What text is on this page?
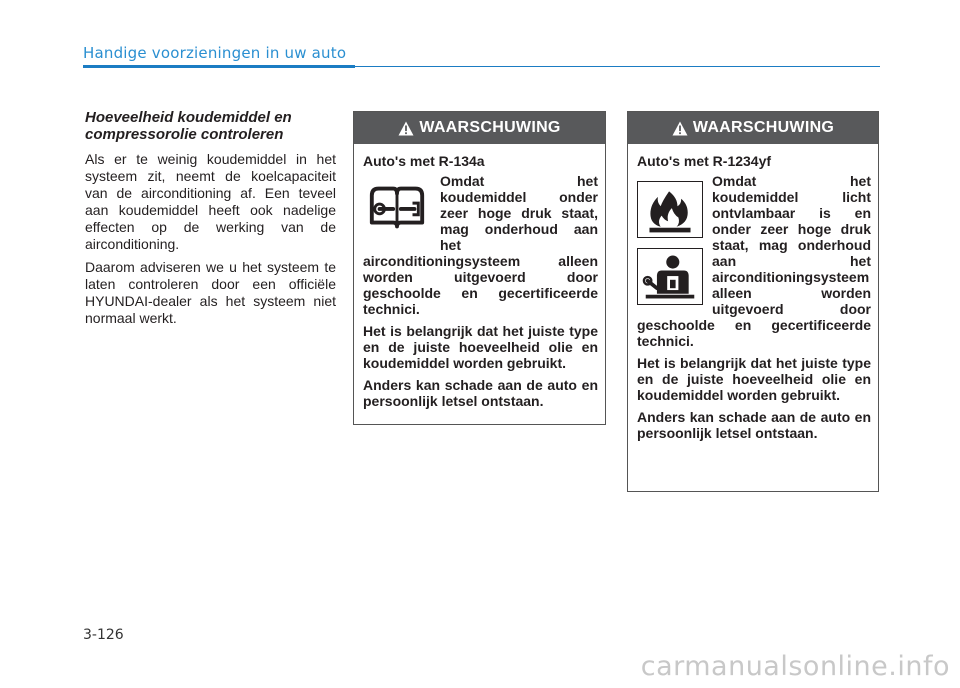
Handige voorzieningen in uw auto
Hoeveelheid koudemiddel en compressorolie controleren

Als er te weinig koudemiddel in het systeem zit, neemt de koelcapaciteit van de airconditioning af. Een teveel aan koudemiddel heeft ook nadelige effecten op de werking van de airconditioning.

Daarom adviseren we u het systeem te laten controleren door een officiële HYUNDAI-dealer als het systeem niet normaal werkt.

WAARSCHUWING

Auto's met R-134a

Omdat het koudemiddel onder zeer hoge druk staat, mag onderhoud aan het airconditioningsysteem alleen worden uitgevoerd door geschoolde en gecertificeerde technici.

Het is belangrijk dat het juiste type en de juiste hoeveelheid olie en koudemiddel worden gebruikt.

Anders kan schade aan de auto en persoonlijk letsel ontstaan.

WAARSCHUWING

Auto's met R-1234yf

Omdat het koudemiddel licht ontvlambaar is en onder zeer hoge druk staat, mag onderhoud aan het airconditioningsysteem alleen worden uitgevoerd door geschoolde en gecertificeerde technici.

Het is belangrijk dat het juiste type en de juiste hoeveelheid olie en koudemiddel worden gebruikt.

Anders kan schade aan de auto en persoonlijk letsel ontstaan.

3-126
carmanualsonline.info
